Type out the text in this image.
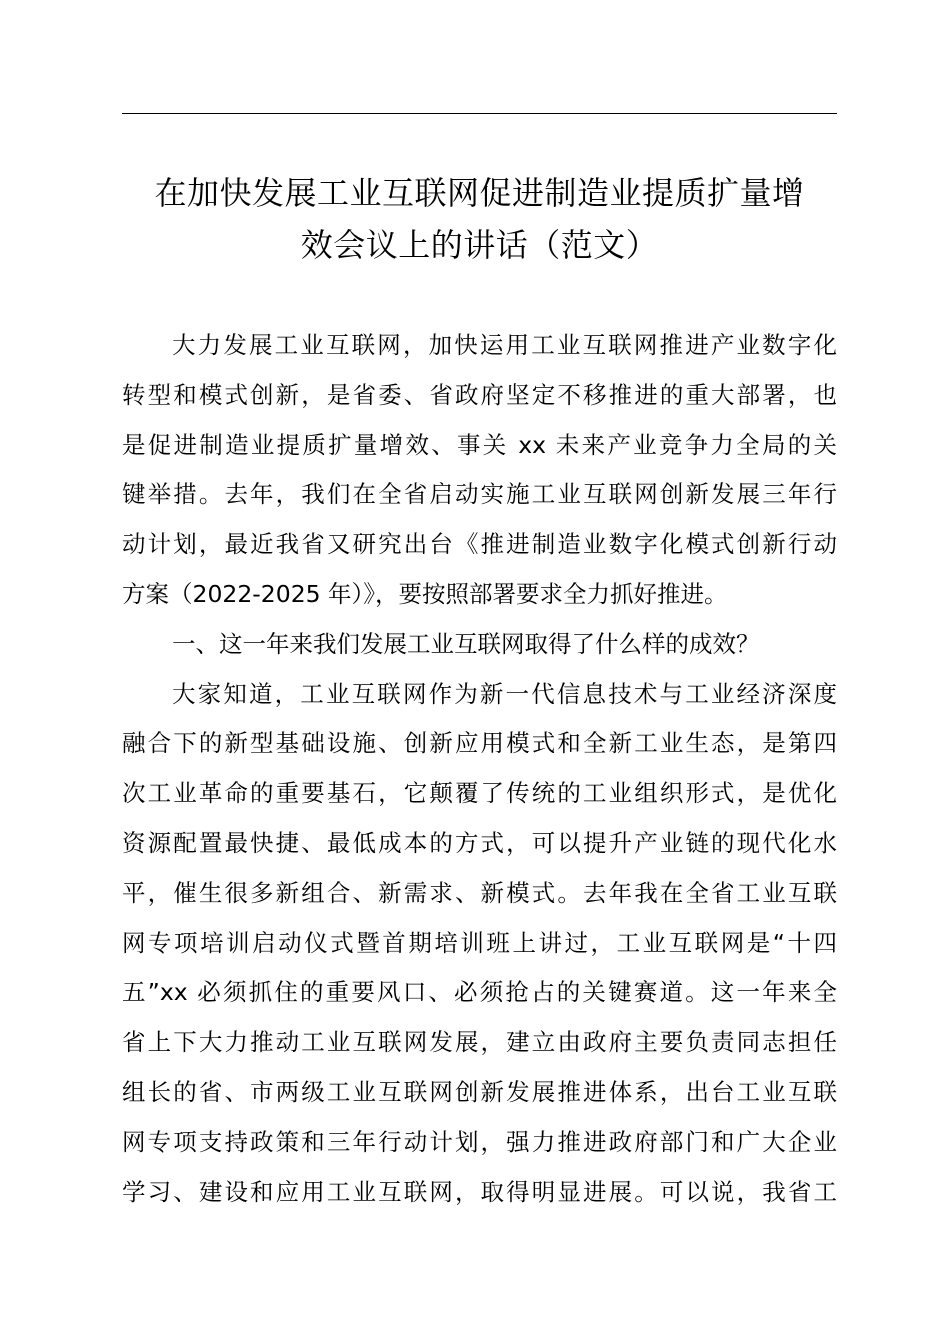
在加快发展工业互联网促进制造业提质扩量增
效会议上的讲话（范文）
大力发展工业互联网，加快运用工业互联网推进产业数字化
转型和模式创新，是省委、省政府坚定不移推进的重大部署，也
是促进制造业提质扩量增效、事关 xx 未来产业竞争力全局的关
键举措。去年，我们在全省启动实施工业互联网创新发展三年行
动计划，最近我省又研究出台《推进制造业数字化模式创新行动
方案（2022-2025 年）》，要按照部署要求全力抓好推进。
一、这一年来我们发展工业互联网取得了什么样的成效？
大家知道，工业互联网作为新一代信息技术与工业经济深度
融合下的新型基础设施、创新应用模式和全新工业生态，是第四
次工业革命的重要基石，它颠覆了传统的工业组织形式，是优化
资源配置最快捷、最低成本的方式，可以提升产业链的现代化水
平，催生很多新组合、新需求、新模式。去年我在全省工业互联
网专项培训启动仪式暨首期培训班上讲过，工业互联网是“十四
五”xx 必须抓住的重要风口、必须抢占的关键赛道。这一年来全
省上下大力推动工业互联网发展，建立由政府主要负责同志担任
组长的省、市两级工业互联网创新发展推进体系，出台工业互联
网专项支持政策和三年行动计划，强力推进政府部门和广大企业
学习、建设和应用工业互联网，取得明显进展。可以说，我省工
